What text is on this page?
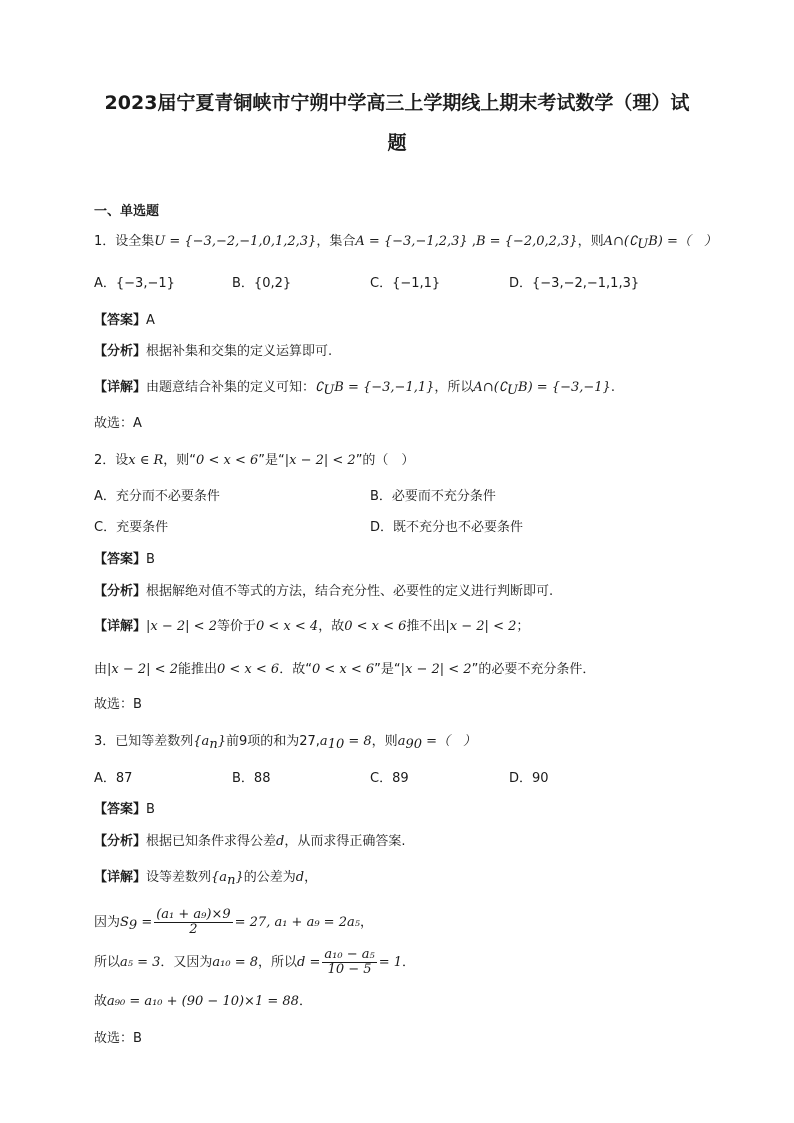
2023届宁夏青铜峡市宁朔中学高三上学期线上期末考试数学（理）试
题
一、单选题
1．设全集U = {−3,−2,−1,0,1,2,3}，集合A = {−3,−1,2,3} ,B = {−2,0,2,3}，则$A\cap(∁_UB)$ =（　）
A．{−3,−1}	B．{0,2}	C．{−1,1}	D．{−3,−2,−1,1,3}
【答案】A
【分析】根据补集和交集的定义运算即可.
【详解】由题意结合补集的定义可知：$∁_UB = \{-3,-1,1\}$，所以$A\cap(∁_UB) = \{-3,-1\}$.
故选：A
2．设x ∈ R，则“0 < x < 6”是“|x − 2| < 2”的（　）
A．充分而不必要条件	B．必要而不充分条件
C．充要条件	D．既不充分也不必要条件
【答案】B
【分析】根据解绝对值不等式的方法，结合充分性、必要性的定义进行判断即可.
【详解】|x − 2| < 2等价于0 < x < 4，故0 < x < 6推不出|x − 2| < 2；
由|x − 2| < 2能推出0 < x < 6．故“0 < x < 6”是“|x − 2| < 2”的必要不充分条件．
故选：B
3．已知等差数列$\{a_n\}$前9项的和为$27,a_{10} = 8$，则$a_{90}$ =（　）
A．87	B．88	C．89	D．90
【答案】B
【分析】根据已知条件求得公差d，从而求得正确答案.
【详解】设等差数列$\{a_n\}$的公差为d，
因为$S_9 = \frac{\text{(a₁ + a₉)×9}}{2} = 27$, a₁ + a₉ = 2a₅，
所以a₅ = 3．又因为a₁₀ = 8，所以$d = \frac{\text{a₁₀ − a₅}}{10 - 5} = 1$．
故a₉₀ = a₁₀ + (90 − 10)×1 = 88．
故选：B
